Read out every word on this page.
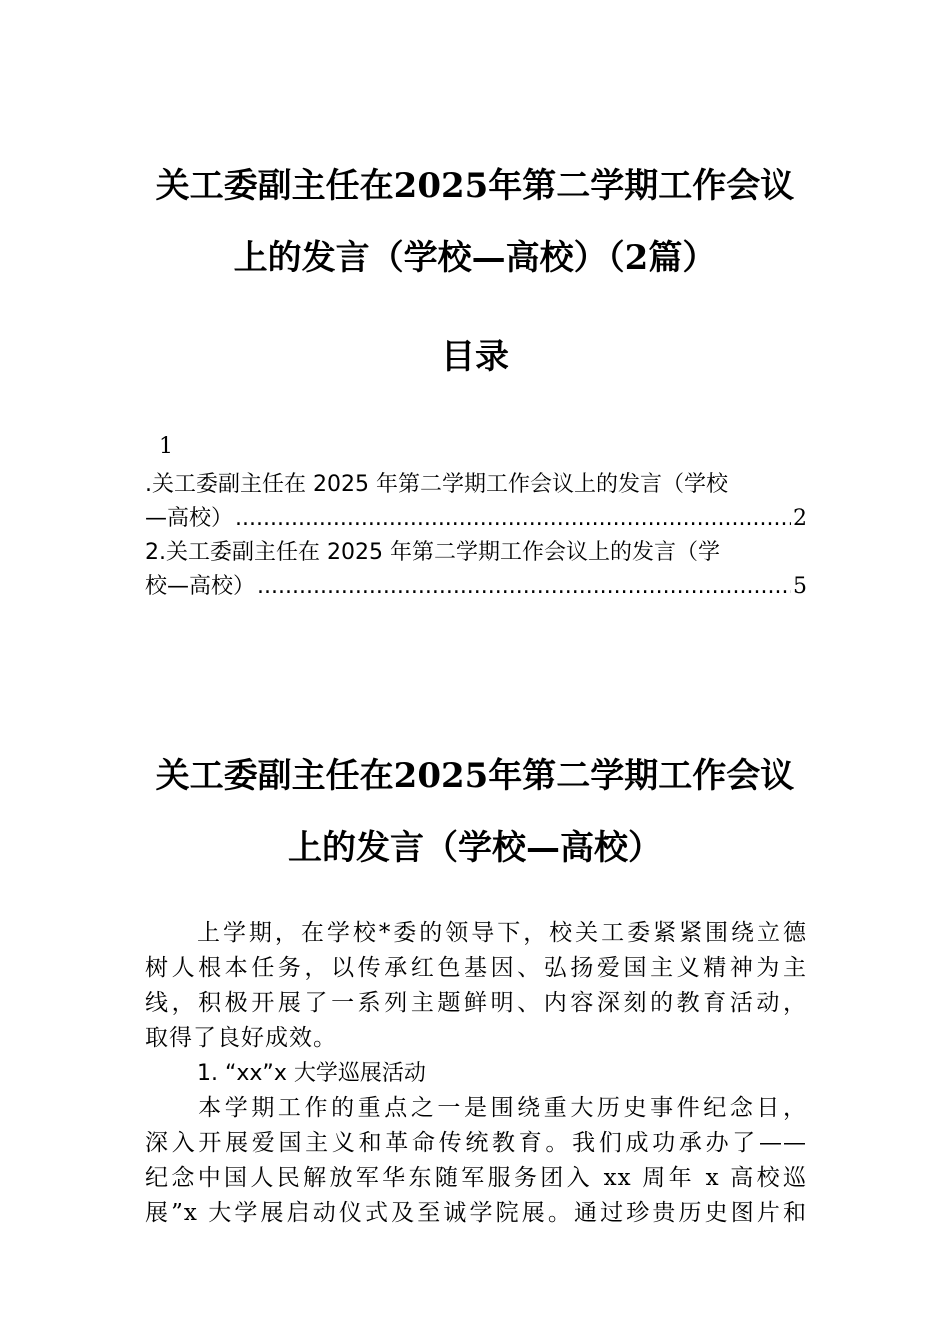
关工委副主任在2025年第二学期工作会议
上的发言（学校—高校）（2篇）
目录
1
.关工委副主任在 2025 年第二学期工作会议上的发言（学校
—高校） .....	2
2.关工委副主任在 2025 年第二学期工作会议上的发言（学
校—高校） .....	5
关工委副主任在2025年第二学期工作会议
上的发言（学校—高校）

　　上学期，在学校*委的领导下，校关工委紧紧围绕立德
树人根本任务，以传承红色基因、弘扬爱国主义精神为主
线，积极开展了一系列主题鲜明、内容深刻的教育活动，
取得了良好成效。

1. “xx”x 大学巡展活动

　　本学期工作的重点之一是围绕重大历史事件纪念日，
深入开展爱国主义和革命传统教育。我们成功承办了——
纪念中国人民解放军华东随军服务团入 xx 周年 x 高校巡
展”x 大学展启动仪式及至诚学院展。通过珍贵历史图片和
